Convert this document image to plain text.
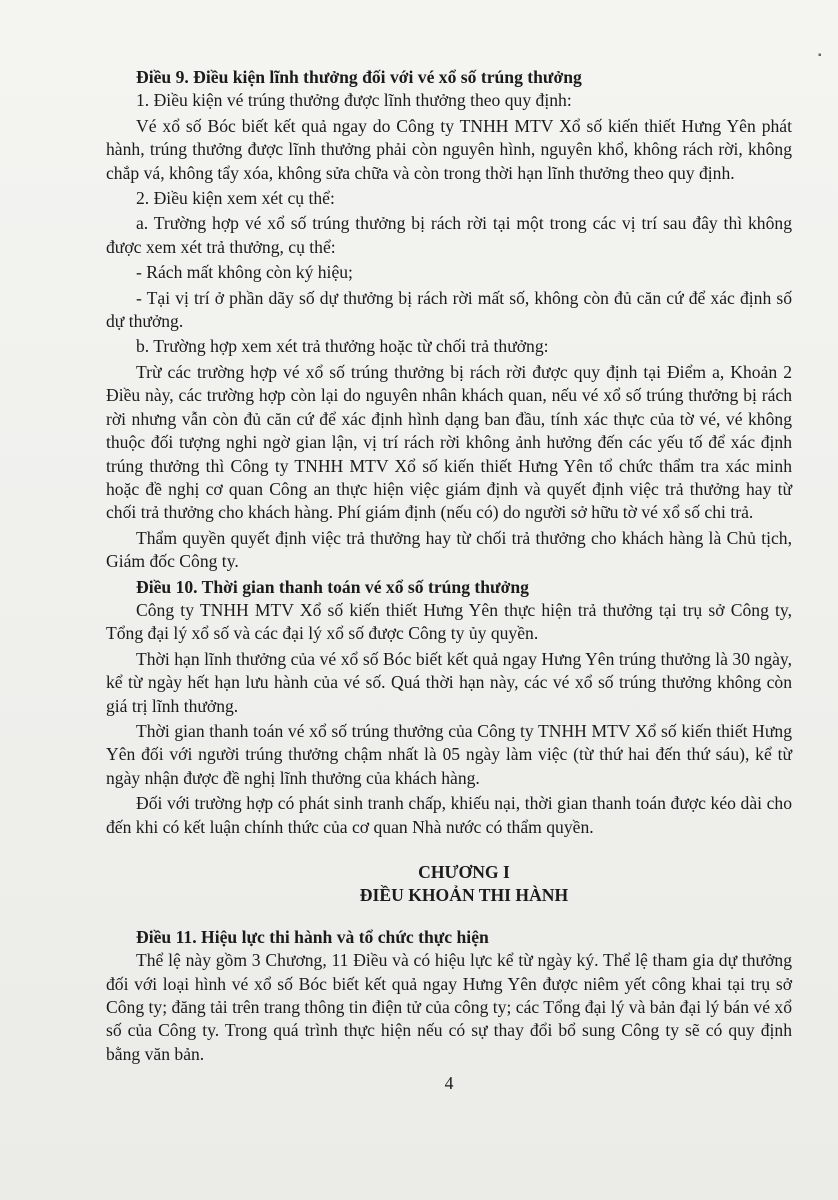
▪

Điều 9. Điều kiện lĩnh thưởng đối với vé xổ số trúng thưởng

1. Điều kiện vé trúng thưởng được lĩnh thưởng theo quy định:

Vé xổ số Bóc biết kết quả ngay do Công ty TNHH MTV Xổ số kiến thiết Hưng Yên phát hành, trúng thưởng được lĩnh thưởng phải còn nguyên hình, nguyên khổ, không rách rời, không chắp vá, không tẩy xóa, không sửa chữa và còn trong thời hạn lĩnh thưởng theo quy định.

2. Điều kiện xem xét cụ thể:

a. Trường hợp vé xổ số trúng thưởng bị rách rời tại một trong các vị trí sau đây thì không được xem xét trả thưởng, cụ thể:

- Rách mất không còn ký hiệu;

- Tại vị trí ở phần dãy số dự thưởng bị rách rời mất số, không còn đủ căn cứ để xác định số dự thưởng.

b. Trường hợp xem xét trả thưởng hoặc từ chối trả thưởng:

Trừ các trường hợp vé xổ số trúng thưởng bị rách rời được quy định tại Điểm a, Khoản 2 Điều này, các trường hợp còn lại do nguyên nhân khách quan, nếu vé xổ số trúng thưởng bị rách rời nhưng vẫn còn đủ căn cứ để xác định hình dạng ban đầu, tính xác thực của tờ vé, vé không thuộc đối tượng nghi ngờ gian lận, vị trí rách rời không ảnh hưởng đến các yếu tố để xác định trúng thưởng thì Công ty TNHH MTV Xổ số kiến thiết Hưng Yên tổ chức thẩm tra xác minh hoặc đề nghị cơ quan Công an thực hiện việc giám định và quyết định việc trả thưởng hay từ chối trả thưởng cho khách hàng. Phí giám định (nếu có) do người sở hữu tờ vé xổ số chi trả.

Thẩm quyền quyết định việc trả thưởng hay từ chối trả thưởng cho khách hàng là Chủ tịch, Giám đốc Công ty.

Điều 10. Thời gian thanh toán vé xổ số trúng thưởng

Công ty TNHH MTV Xổ số kiến thiết Hưng Yên thực hiện trả thưởng tại trụ sở Công ty, Tổng đại lý xổ số và các đại lý xổ số được Công ty ủy quyền.

Thời hạn lĩnh thưởng của vé xổ số Bóc biết kết quả ngay Hưng Yên trúng thưởng là 30 ngày, kể từ ngày hết hạn lưu hành của vé số. Quá thời hạn này, các vé xổ số trúng thưởng không còn giá trị lĩnh thưởng.

Thời gian thanh toán vé xổ số trúng thưởng của Công ty TNHH MTV Xổ số kiến thiết Hưng Yên đối với người trúng thưởng chậm nhất là 05 ngày làm việc (từ thứ hai đến thứ sáu), kể từ ngày nhận được đề nghị lĩnh thưởng của khách hàng.

Đối với trường hợp có phát sinh tranh chấp, khiếu nại, thời gian thanh toán được kéo dài cho đến khi có kết luận chính thức của cơ quan Nhà nước có thẩm quyền.

CHƯƠNG I

ĐIỀU KHOẢN THI HÀNH

Điều 11. Hiệu lực thi hành và tổ chức thực hiện

Thể lệ này gồm 3 Chương, 11 Điều và có hiệu lực kể từ ngày ký. Thể lệ tham gia dự thưởng đối với loại hình vé xổ số Bóc biết kết quả ngay Hưng Yên được niêm yết công khai tại trụ sở Công ty; đăng tải trên trang thông tin điện tử của công ty; các Tổng đại lý và bản đại lý bán vé xổ số của Công ty. Trong quá trình thực hiện nếu có sự thay đổi bổ sung Công ty sẽ có quy định bằng văn bản.

4
